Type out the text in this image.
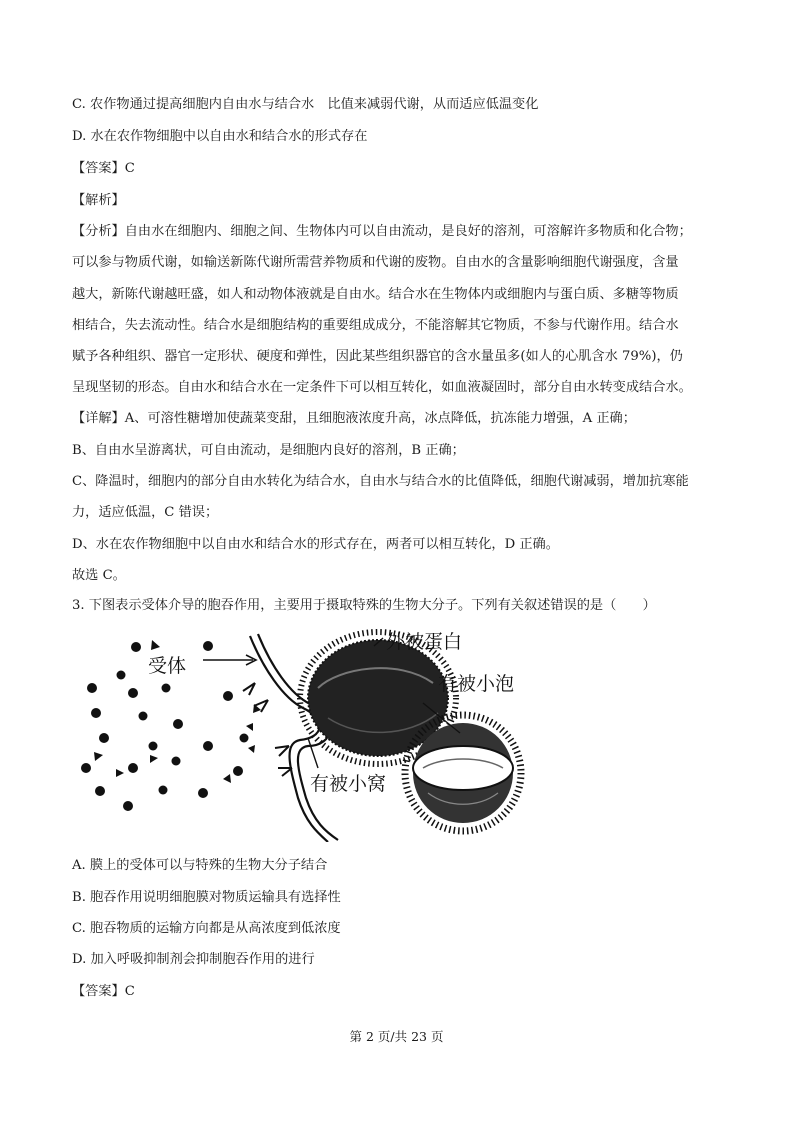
C. 农作物通过提高细胞内自由水与结合水　比值来减弱代谢，从而适应低温变化
D. 水在农作物细胞中以自由水和结合水的形式存在
【答案】C
【解析】
【分析】自由水在细胞内、细胞之间、生物体内可以自由流动，是良好的溶剂，可溶解许多物质和化合物；
可以参与物质代谢，如输送新陈代谢所需营养物质和代谢的废物。自由水的含量影响细胞代谢强度，含量
越大，新陈代谢越旺盛，如人和动物体液就是自由水。结合水在生物体内或细胞内与蛋白质、多糖等物质
相结合，失去流动性。结合水是细胞结构的重要组成成分，不能溶解其它物质，不参与代谢作用。结合水
赋予各种组织、器官一定形状、硬度和弹性，因此某些组织器官的含水量虽多(如人的心肌含水 79%)，仍
呈现坚韧的形态。自由水和结合水在一定条件下可以相互转化，如血液凝固时，部分自由水转变成结合水。
【详解】A、可溶性糖增加使蔬菜变甜，且细胞液浓度升高，冰点降低，抗冻能力增强，A 正确；
B、自由水呈游离状，可自由流动，是细胞内良好的溶剂，B 正确；
C、降温时，细胞内的部分自由水转化为结合水，自由水与结合水的比值降低，细胞代谢减弱，增加抗寒能
力，适应低温，C 错误；
D、水在农作物细胞中以自由水和结合水的形式存在，两者可以相互转化，D 正确。
故选 C。
3. 下图表示受体介导的胞吞作用，主要用于摄取特殊的生物大分子。下列有关叙述错误的是（　　）
受体
外被蛋白
有被小泡
有被小窝
A. 膜上的受体可以与特殊的生物大分子结合
B. 胞吞作用说明细胞膜对物质运输具有选择性
C. 胞吞物质的运输方向都是从高浓度到低浓度
D. 加入呼吸抑制剂会抑制胞吞作用的进行
【答案】C
第 2 页/共 23 页
